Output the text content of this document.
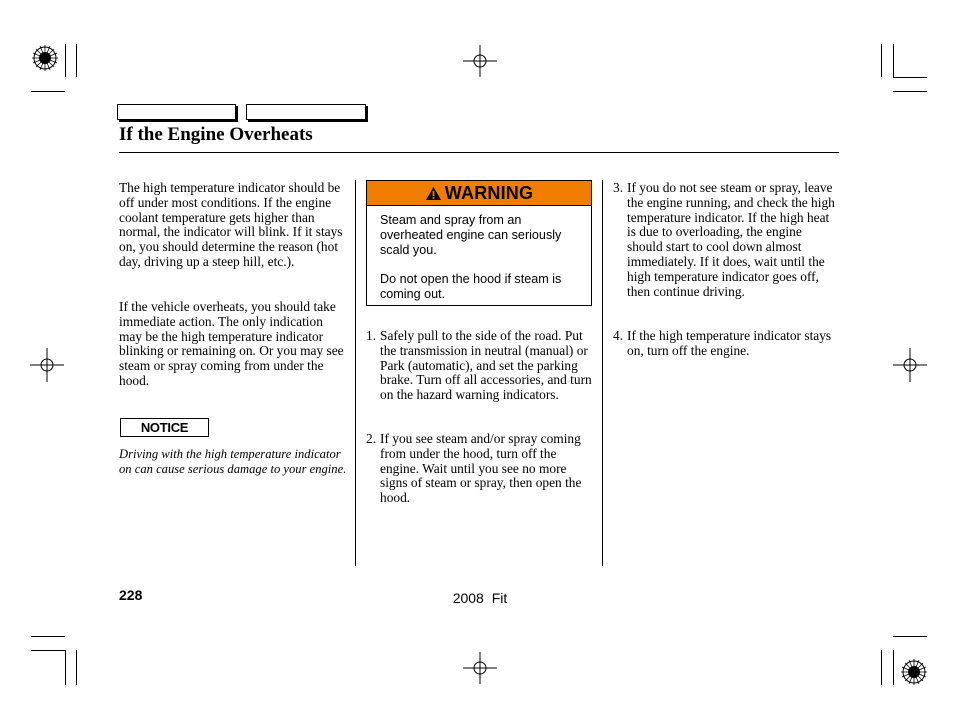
If the Engine Overheats
The high temperature indicator should be off under most conditions. If the engine coolant temperature gets higher than normal, the indicator will blink. If it stays on, you should determine the reason (hot day, driving up a steep hill, etc.).
If the vehicle overheats, you should take immediate action. The only indication may be the high temperature indicator blinking or remaining on. Or you may see steam or spray coming from under the hood.
NOTICE
Driving with the high temperature indicator on can cause serious damage to your engine.
WARNING

Steam and spray from an overheated engine can seriously scald you.

Do not open the hood if steam is coming out.

1. Safely pull to the side of the road. Put the transmission in neutral (manual) or Park (automatic), and set the parking brake. Turn off all accessories, and turn on the hazard warning indicators.
2. If you see steam and/or spray coming from under the hood, turn off the engine. Wait until you see no more signs of steam or spray, then open the hood.
3. If you do not see steam or spray, leave the engine running, and check the high temperature indicator. If the high heat is due to overloading, the engine should start to cool down almost immediately. If it does, wait until the high temperature indicator goes off, then continue driving.
4. If the high temperature indicator stays on, turn off the engine.
228	2008 Fit
